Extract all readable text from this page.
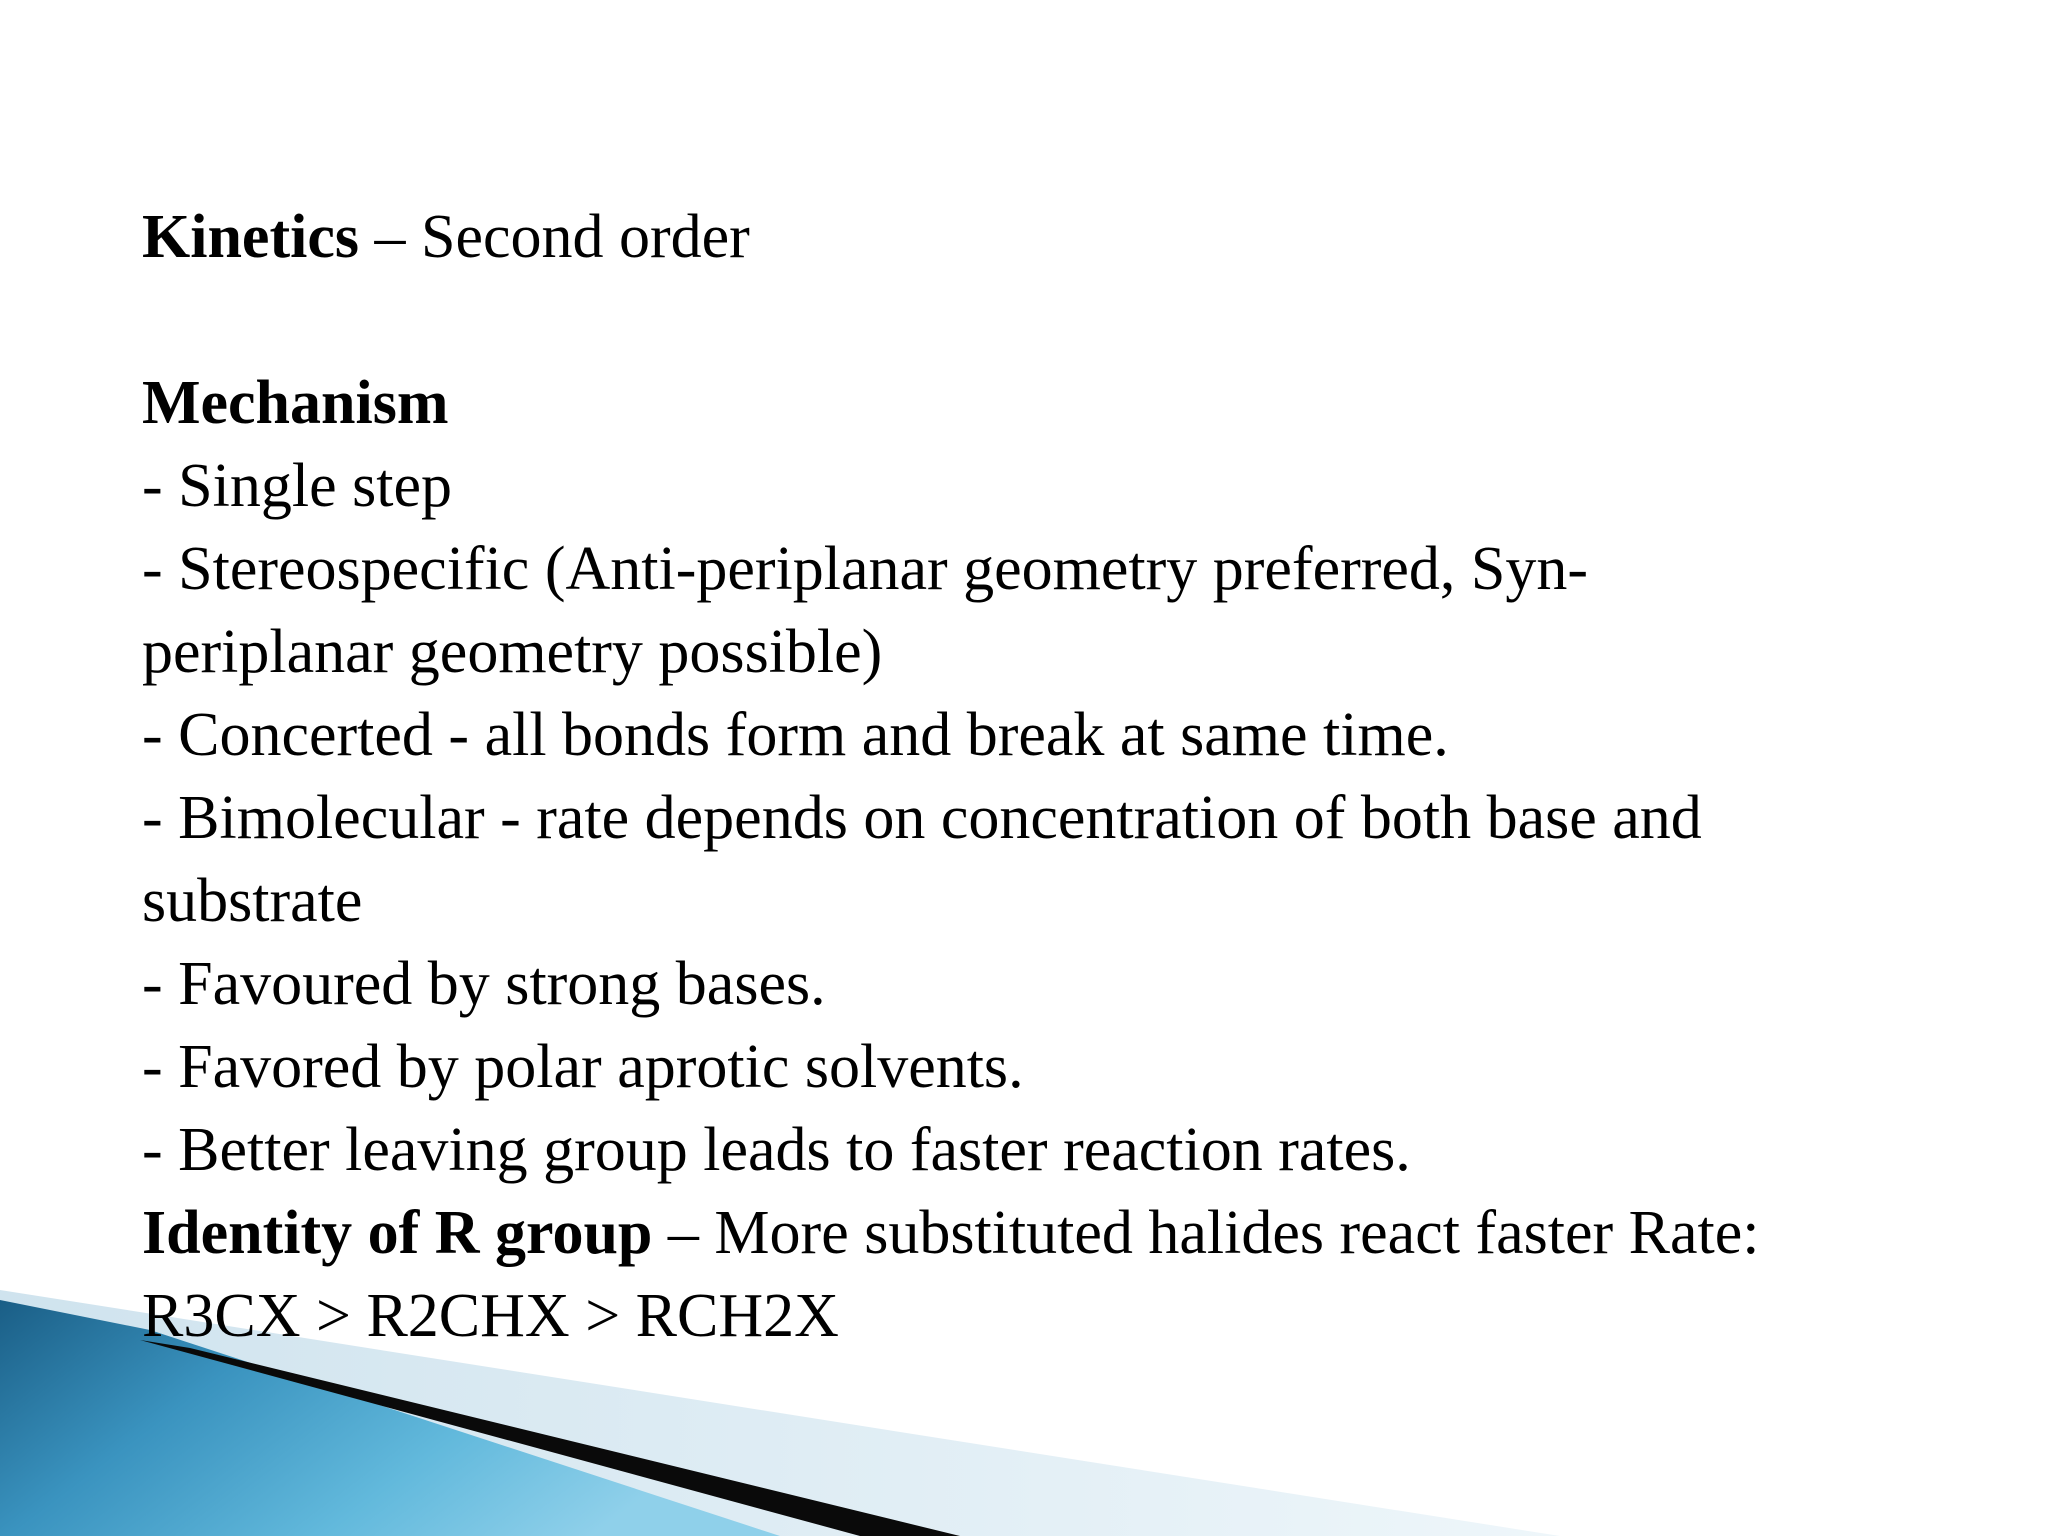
Kinetics – Second order
Mechanism
- Single step
- Stereospecific (Anti-periplanar geometry preferred, Syn-
periplanar geometry possible)
- Concerted - all bonds form and break at same time.
- Bimolecular - rate depends on concentration of both base and
substrate
- Favoured by strong bases.
- Favored by polar aprotic solvents.
- Better leaving group leads to faster reaction rates.
Identity of R group – More substituted halides react faster Rate:
R3CX > R2CHX > RCH2X
